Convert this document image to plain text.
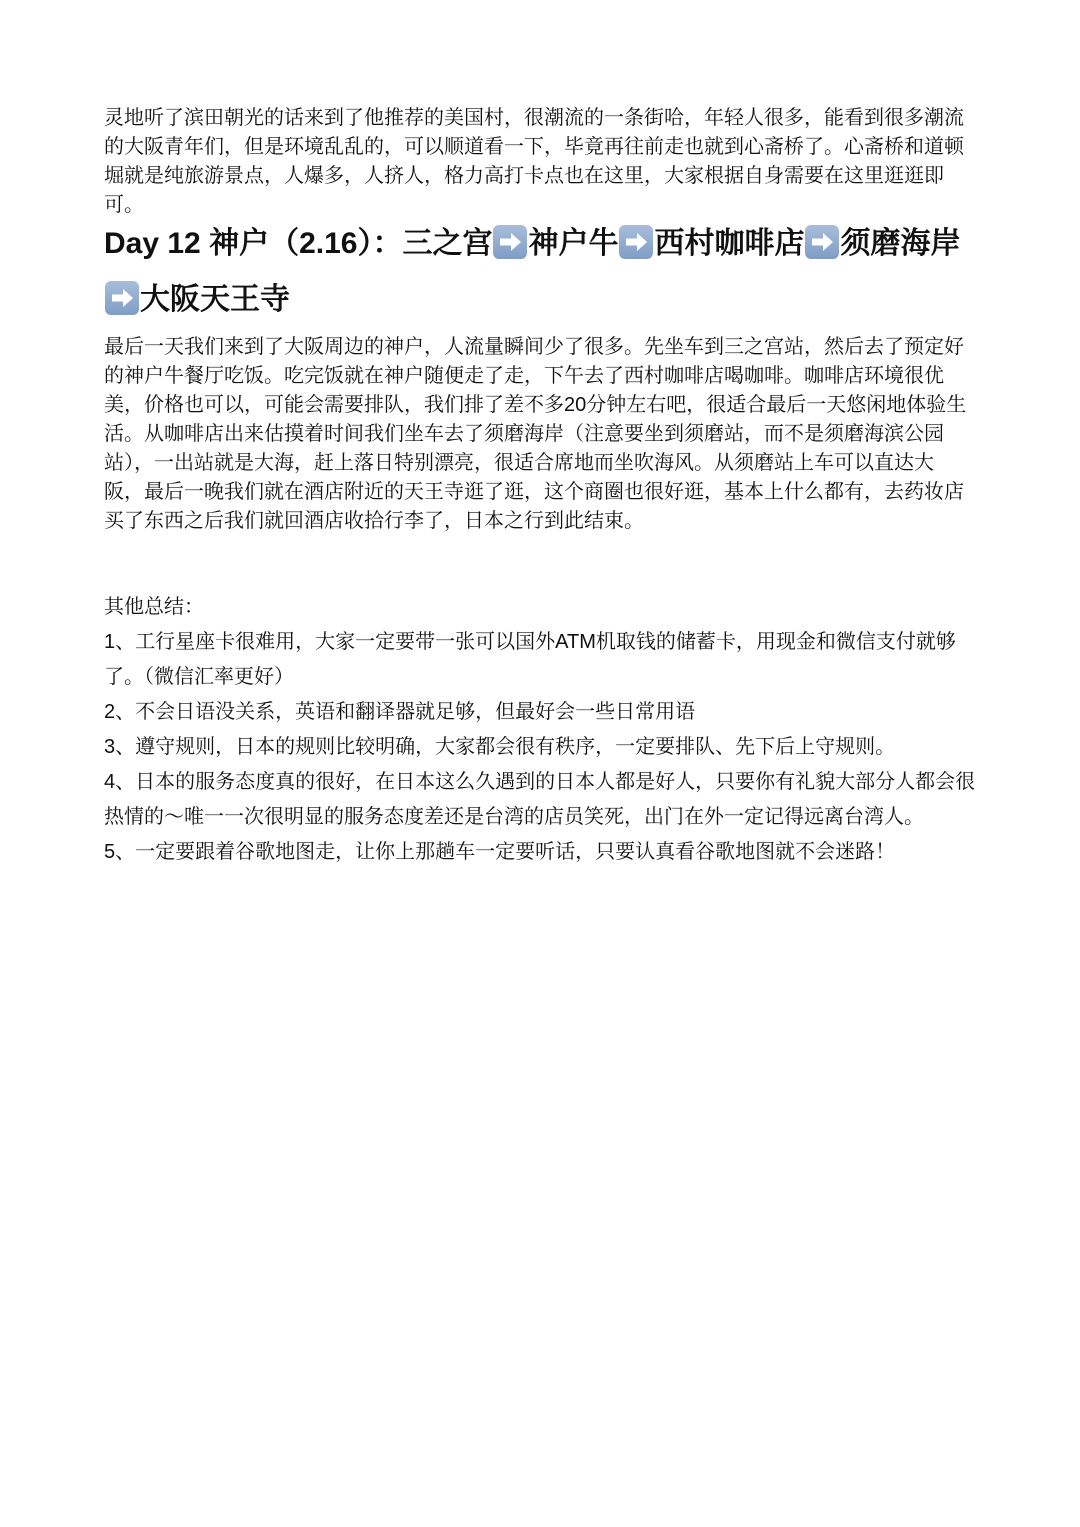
灵地听了滨田朝光的话来到了他推荐的美国村，很潮流的一条街哈，年轻人很多，能看到很多潮流
的大阪青年们，但是环境乱乱的，可以顺道看一下，毕竟再往前走也就到心斋桥了。心斋桥和道顿
堀就是纯旅游景点，人爆多，人挤人，格力高打卡点也在这里，大家根据自身需要在这里逛逛即
可。
Day 12 神户（2.16）：三之宫 神户牛 西村咖啡店 须磨海岸
大阪天王寺
最后一天我们来到了大阪周边的神户，人流量瞬间少了很多。先坐车到三之宫站，然后去了预定好
的神户牛餐厅吃饭。吃完饭就在神户随便走了走，下午去了西村咖啡店喝咖啡。咖啡店环境很优
美，价格也可以，可能会需要排队，我们排了差不多20分钟左右吧，很适合最后一天悠闲地体验生
活。从咖啡店出来估摸着时间我们坐车去了须磨海岸（注意要坐到须磨站，而不是须磨海滨公园
站），一出站就是大海，赶上落日特别漂亮，很适合席地而坐吹海风。从须磨站上车可以直达大
阪，最后一晚我们就在酒店附近的天王寺逛了逛，这个商圈也很好逛，基本上什么都有，去药妆店
买了东西之后我们就回酒店收拾行李了，日本之行到此结束。
其他总结：
1、工行星座卡很难用，大家一定要带一张可以国外ATM机取钱的储蓄卡，用现金和微信支付就够
了。（微信汇率更好）
2、不会日语没关系，英语和翻译器就足够，但最好会一些日常用语
3、遵守规则，日本的规则比较明确，大家都会很有秩序，一定要排队、先下后上守规则。
4、日本的服务态度真的很好，在日本这么久遇到的日本人都是好人，只要你有礼貌大部分人都会很
热情的～唯一一次很明显的服务态度差还是台湾的店员笑死，出门在外一定记得远离台湾人。
5、一定要跟着谷歌地图走，让你上那趟车一定要听话，只要认真看谷歌地图就不会迷路！
